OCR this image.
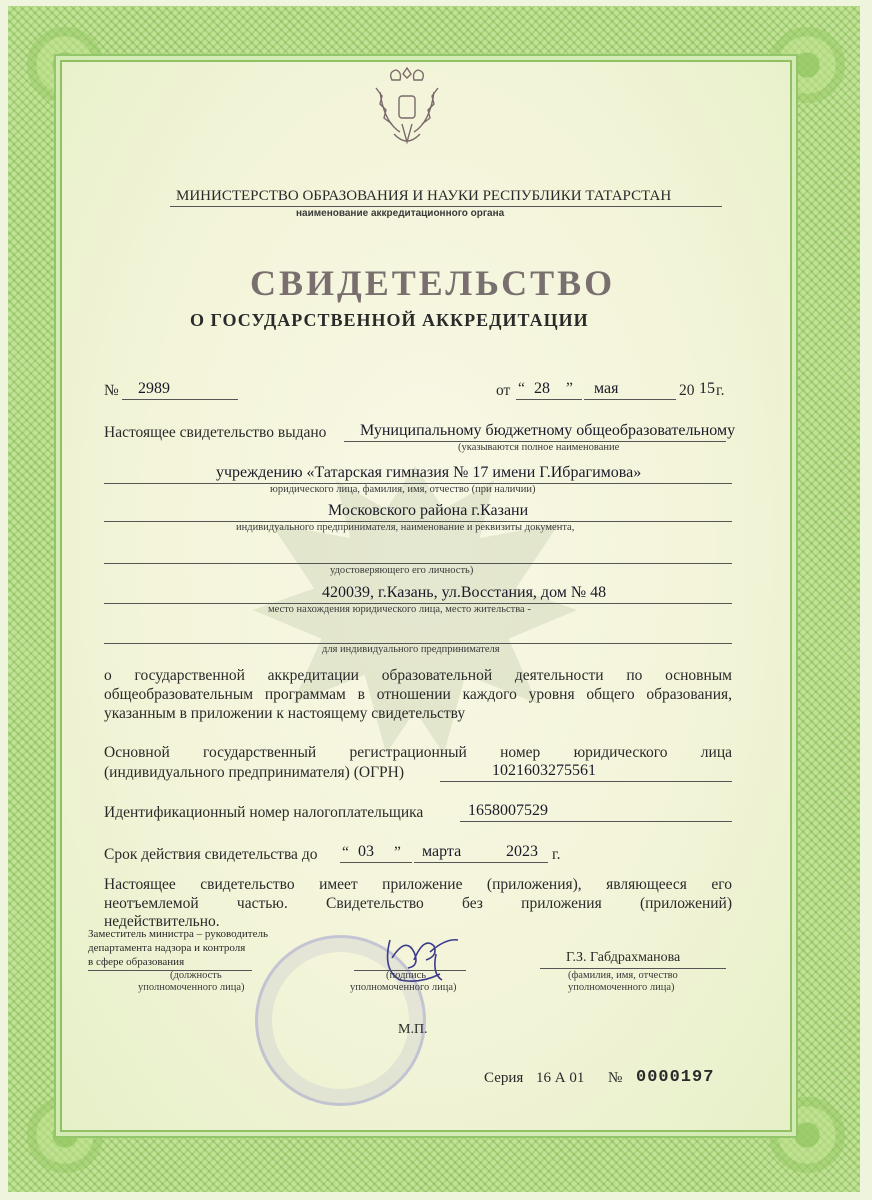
МИНИСТЕРСТВО ОБРАЗОВАНИЯ И НАУКИ РЕСПУБЛИКИ ТАТАРСТАН
наименование аккредитационного органа
СВИДЕТЕЛЬСТВО
О ГОСУДАРСТВЕННОЙ АККРЕДИТАЦИИ
№ 2989	от “ 28 ” мая	20 15 г.
Настоящее свидетельство выдано Муниципальному бюджетному общеобразовательному
(указываются полное наименование
учреждению «Татарская гимназия № 17 имени Г.Ибрагимова»
юридического лица, фамилия, имя, отчество (при наличии)
Московского района г.Казани
индивидуального предпринимателя, наименование и реквизиты документа,
удостоверяющего его личность)
420039, г.Казань, ул.Восстания, дом № 48
место нахождения юридического лица, место жительства -
для индивидуального предпринимателя
о государственной аккредитации образовательной деятельности по основным
общеобразовательным программам в отношении каждого уровня общего образования,
указанным в приложении к настоящему свидетельству
Основной государственный регистрационный номер юридического лица
(индивидуального предпринимателя) (ОГРН)	1021603275561
Идентификационный номер налогоплательщика	1658007529
Срок действия свидетельства до “ 03 ” марта	2023 г.
Настоящее свидетельство имеет приложение (приложения), являющееся его
неотъемлемой частью. Свидетельство без приложения (приложений)
недействительно.
Заместитель министра – руководитель
департамента надзора и контроля
в сфере образования
(должность
уполномоченного лица)
(подпись
уполномоченного лица)
Г.З. Габдрахманова
(фамилия, имя, отчество
уполномоченного лица)
М.П.
Серия 16 А 01 № 0000197
